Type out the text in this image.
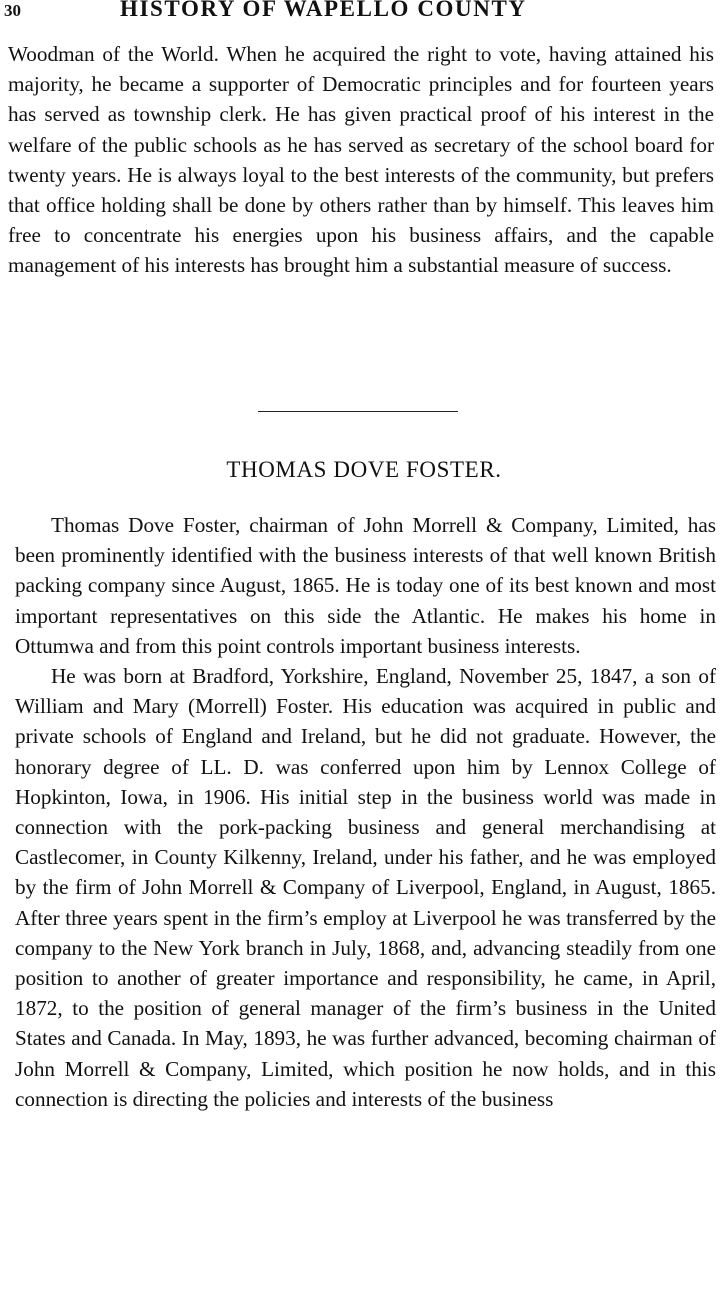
30	HISTORY OF WAPELLO COUNTY

Woodman of the World. When he acquired the right to vote, having attained his majority, he became a supporter of Democratic principles and for fourteen years has served as township clerk. He has given practical proof of his interest in the welfare of the public schools as he has served as secretary of the school board for twenty years. He is always loyal to the best interests of the community, but prefers that office holding shall be done by others rather than by himself. This leaves him free to concentrate his energies upon his business affairs, and the capable management of his interests has brought him a substantial measure of success.

THOMAS DOVE FOSTER.

Thomas Dove Foster, chairman of John Morrell & Company, Limited, has been prominently identified with the business interests of that well known British packing company since August, 1865. He is today one of its best known and most important representatives on this side the Atlantic. He makes his home in Ottumwa and from this point controls important business interests.

He was born at Bradford, Yorkshire, England, November 25, 1847, a son of William and Mary (Morrell) Foster. His education was acquired in public and private schools of England and Ireland, but he did not graduate. However, the honorary degree of LL. D. was conferred upon him by Lennox College of Hopkinton, Iowa, in 1906. His initial step in the business world was made in connection with the pork-packing business and general merchandising at Castlecomer, in County Kilkenny, Ireland, under his father, and he was employed by the firm of John Morrell & Company of Liverpool, England, in August, 1865. After three years spent in the firm’s employ at Liverpool he was transferred by the company to the New York branch in July, 1868, and, advancing steadily from one position to another of greater importance and responsibility, he came, in April, 1872, to the position of general manager of the firm’s business in the United States and Canada. In May, 1893, he was further advanced, becoming chairman of John Morrell & Company, Limited, which position he now holds, and in this connection is directing the policies and interests of the business
